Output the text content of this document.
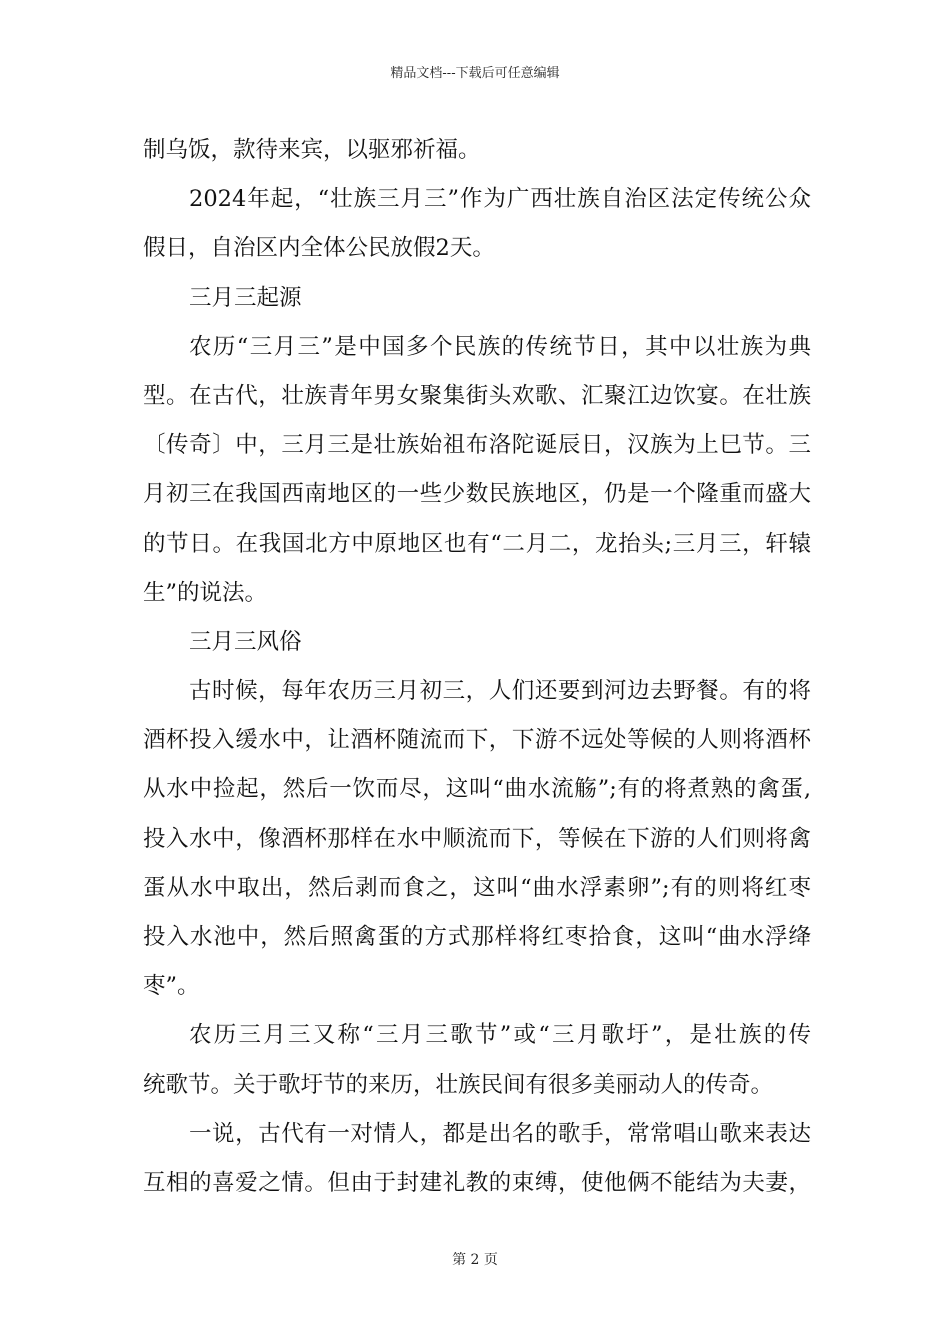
精品文档---下载后可任意编辑
制乌饭，款待来宾，以驱邪祈福。
2024年起，“壮族三月三”作为广西壮族自治区法定传统公众
假日，自治区内全体公民放假2天。
三月三起源
农历“三月三”是中国多个民族的传统节日，其中以壮族为典
型。在古代，壮族青年男女聚集街头欢歌、汇聚江边饮宴。在壮族
〔传奇〕中，三月三是壮族始祖布洛陀诞辰日，汉族为上巳节。三
月初三在我国西南地区的一些少数民族地区，仍是一个隆重而盛大
的节日。在我国北方中原地区也有“二月二，龙抬头;三月三，轩辕
生”的说法。
三月三风俗
古时候，每年农历三月初三，人们还要到河边去野餐。有的将
酒杯投入缓水中，让酒杯随流而下，下游不远处等候的人则将酒杯
从水中捡起，然后一饮而尽，这叫“曲水流觞”;有的将煮熟的禽蛋,
投入水中，像酒杯那样在水中顺流而下，等候在下游的人们则将禽
蛋从水中取出，然后剥而食之，这叫“曲水浮素卵”;有的则将红枣
投入水池中，然后照禽蛋的方式那样将红枣拾食，这叫“曲水浮绛
枣”。
农历三月三又称“三月三歌节”或“三月歌圩”，是壮族的传
统歌节。关于歌圩节的来历，壮族民间有很多美丽动人的传奇。
一说，古代有一对情人，都是出名的歌手，常常唱山歌来表达
互相的喜爱之情。但由于封建礼教的束缚，使他俩不能结为夫妻，
第 2 页
